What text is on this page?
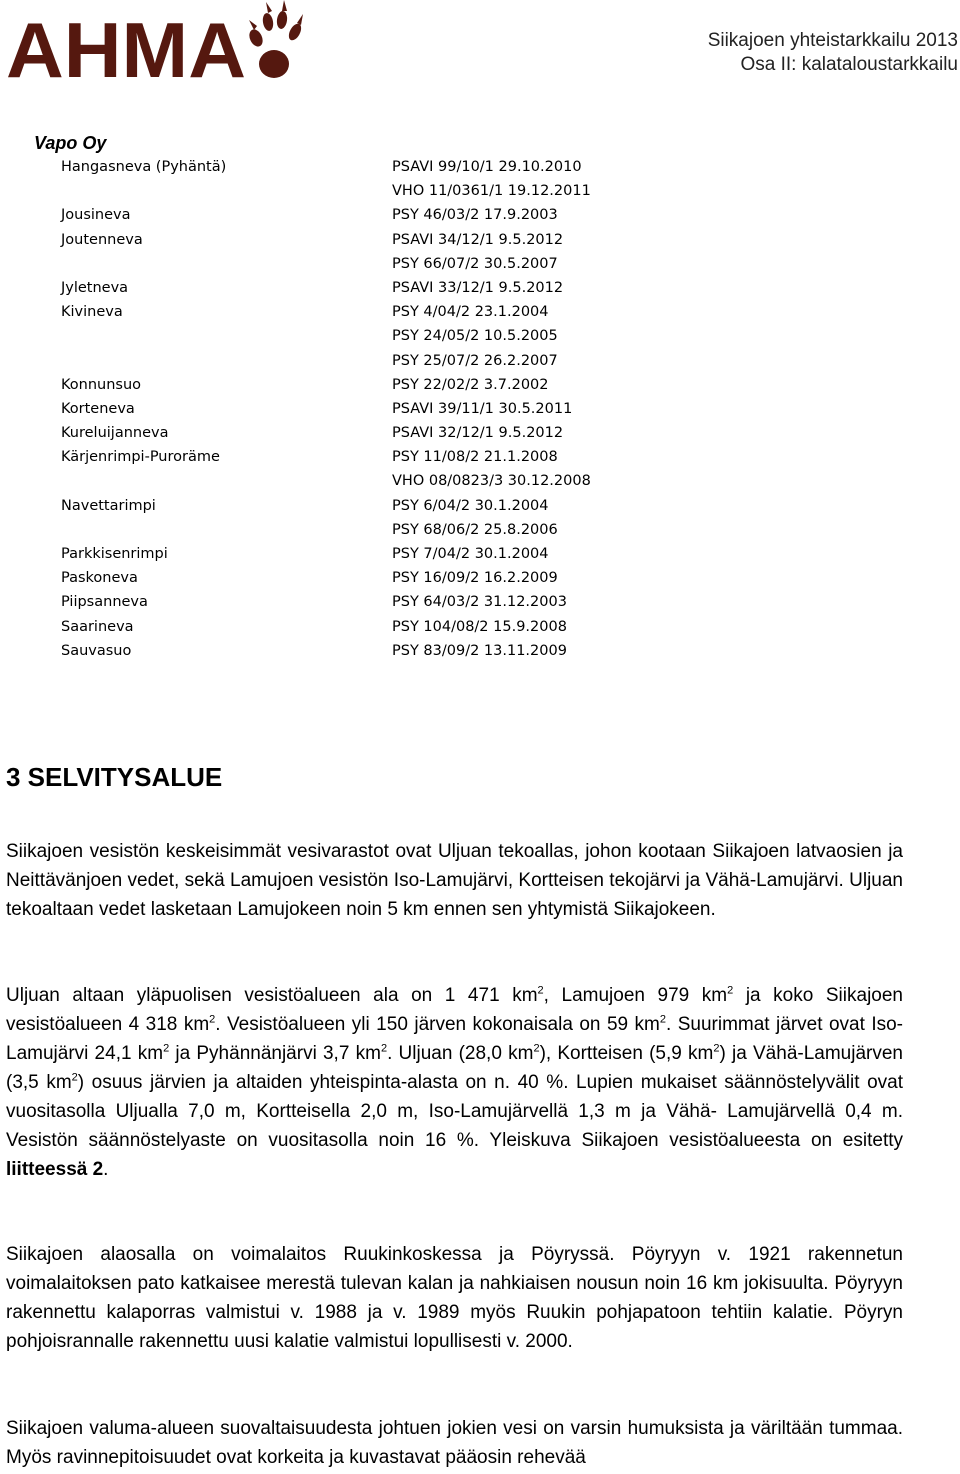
AHMA	Siikajoen yhteistarkkailu 2013
Osa II: kalataloustarkkailu
Vapo Oy
Hangasneva (Pyhäntä)	PSAVI 99/10/1 29.10.2010
VHO 11/0361/1 19.12.2011
Jousineva	PSY 46/03/2 17.9.2003
Joutenneva	PSAVI 34/12/1 9.5.2012
PSY 66/07/2 30.5.2007
Jyletneva	PSAVI 33/12/1 9.5.2012
Kivineva	PSY 4/04/2 23.1.2004
PSY 24/05/2 10.5.2005
PSY 25/07/2 26.2.2007
Konnunsuo	PSY 22/02/2 3.7.2002
Korteneva	PSAVI 39/11/1 30.5.2011
Kureluijanneva	PSAVI 32/12/1 9.5.2012
Kärjenrimpi-Puroräme	PSY 11/08/2 21.1.2008
VHO 08/0823/3 30.12.2008
Navettarimpi	PSY 6/04/2 30.1.2004
PSY 68/06/2 25.8.2006
Parkkisenrimpi	PSY 7/04/2 30.1.2004
Paskoneva	PSY 16/09/2 16.2.2009
Piipsanneva	PSY 64/03/2 31.12.2003
Saarineva	PSY 104/08/2 15.9.2008
Sauvasuo	PSY 83/09/2 13.11.2009
3 SELVITYSALUE

Siikajoen vesistön keskeisimmät vesivarastot ovat Uljuan tekoallas, johon kootaan Siikajoen latvaosien ja Neittävänjoen vedet, sekä Lamujoen vesistön Iso-Lamujärvi, Kortteisen tekojärvi ja Vähä-Lamujärvi. Uljuan tekoaltaan vedet lasketaan Lamujokeen noin 5 km ennen sen yhtymistä Siikajokeen.

Uljuan altaan yläpuolisen vesistöalueen ala on 1 471 $km^2$, Lamujoen 979 $km^2$ ja koko Siikajoen vesistöalueen 4 318 $km^2$. Vesistöalueen yli 150 järven kokonaisala on 59 $km^2$. Suurimmat järvet ovat Iso-Lamujärvi 24,1 $km^2$ ja Pyhännänjärvi 3,7 $km^2$. Uljuan (28,0 $km^2$), Kortteisen (5,9 $km^2$) ja Vähä-Lamujärven (3,5 $km^2$) osuus järvien ja altaiden yhteispinta-alasta on n. 40 %. Lupien mukaiset säännöstelyvälit ovat vuositasolla Uljualla 7,0 m, Kortteisella 2,0 m, Iso-Lamujärvellä 1,3 m ja Vähä- Lamujärvellä 0,4 m. Vesistön säännöstelyaste on vuositasolla noin 16 %. Yleiskuva Siikajoen vesistöalueesta on esitetty liitteessä 2.

Siikajoen alaosalla on voimalaitos Ruukinkoskessa ja Pöyryssä. Pöyryyn v. 1921 rakennetun voimalaitoksen pato katkaisee merestä tulevan kalan ja nahkiaisen nousun noin 16 km jokisuulta. Pöyryyn rakennettu kalaporras valmistui v. 1988 ja v. 1989 myös Ruukin pohjapatoon tehtiin kalatie. Pöyryn pohjoisrannalle rakennettu uusi kalatie valmistui lopullisesti v. 2000.

Siikajoen valuma-alueen suovaltaisuudesta johtuen jokien vesi on varsin humuksista ja väriltään tummaa. Myös ravinnepitoisuudet ovat korkeita ja kuvastavat pääosin rehevää
